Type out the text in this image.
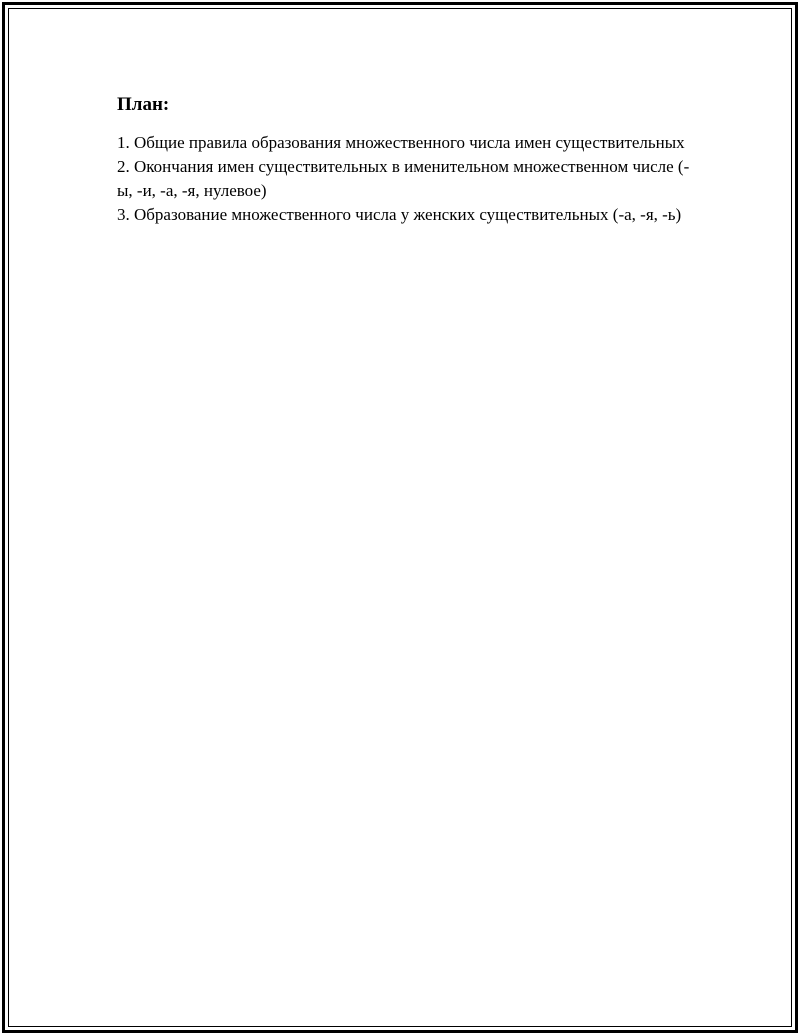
План:
1. Общие правила образования множественного числа имен существительных
2. Окончания имен существительных в именительном множественном числе (-ы, -и, -а, -я, нулевое)
3. Образование множественного числа у женских существительных (-а, -я, -ь)
